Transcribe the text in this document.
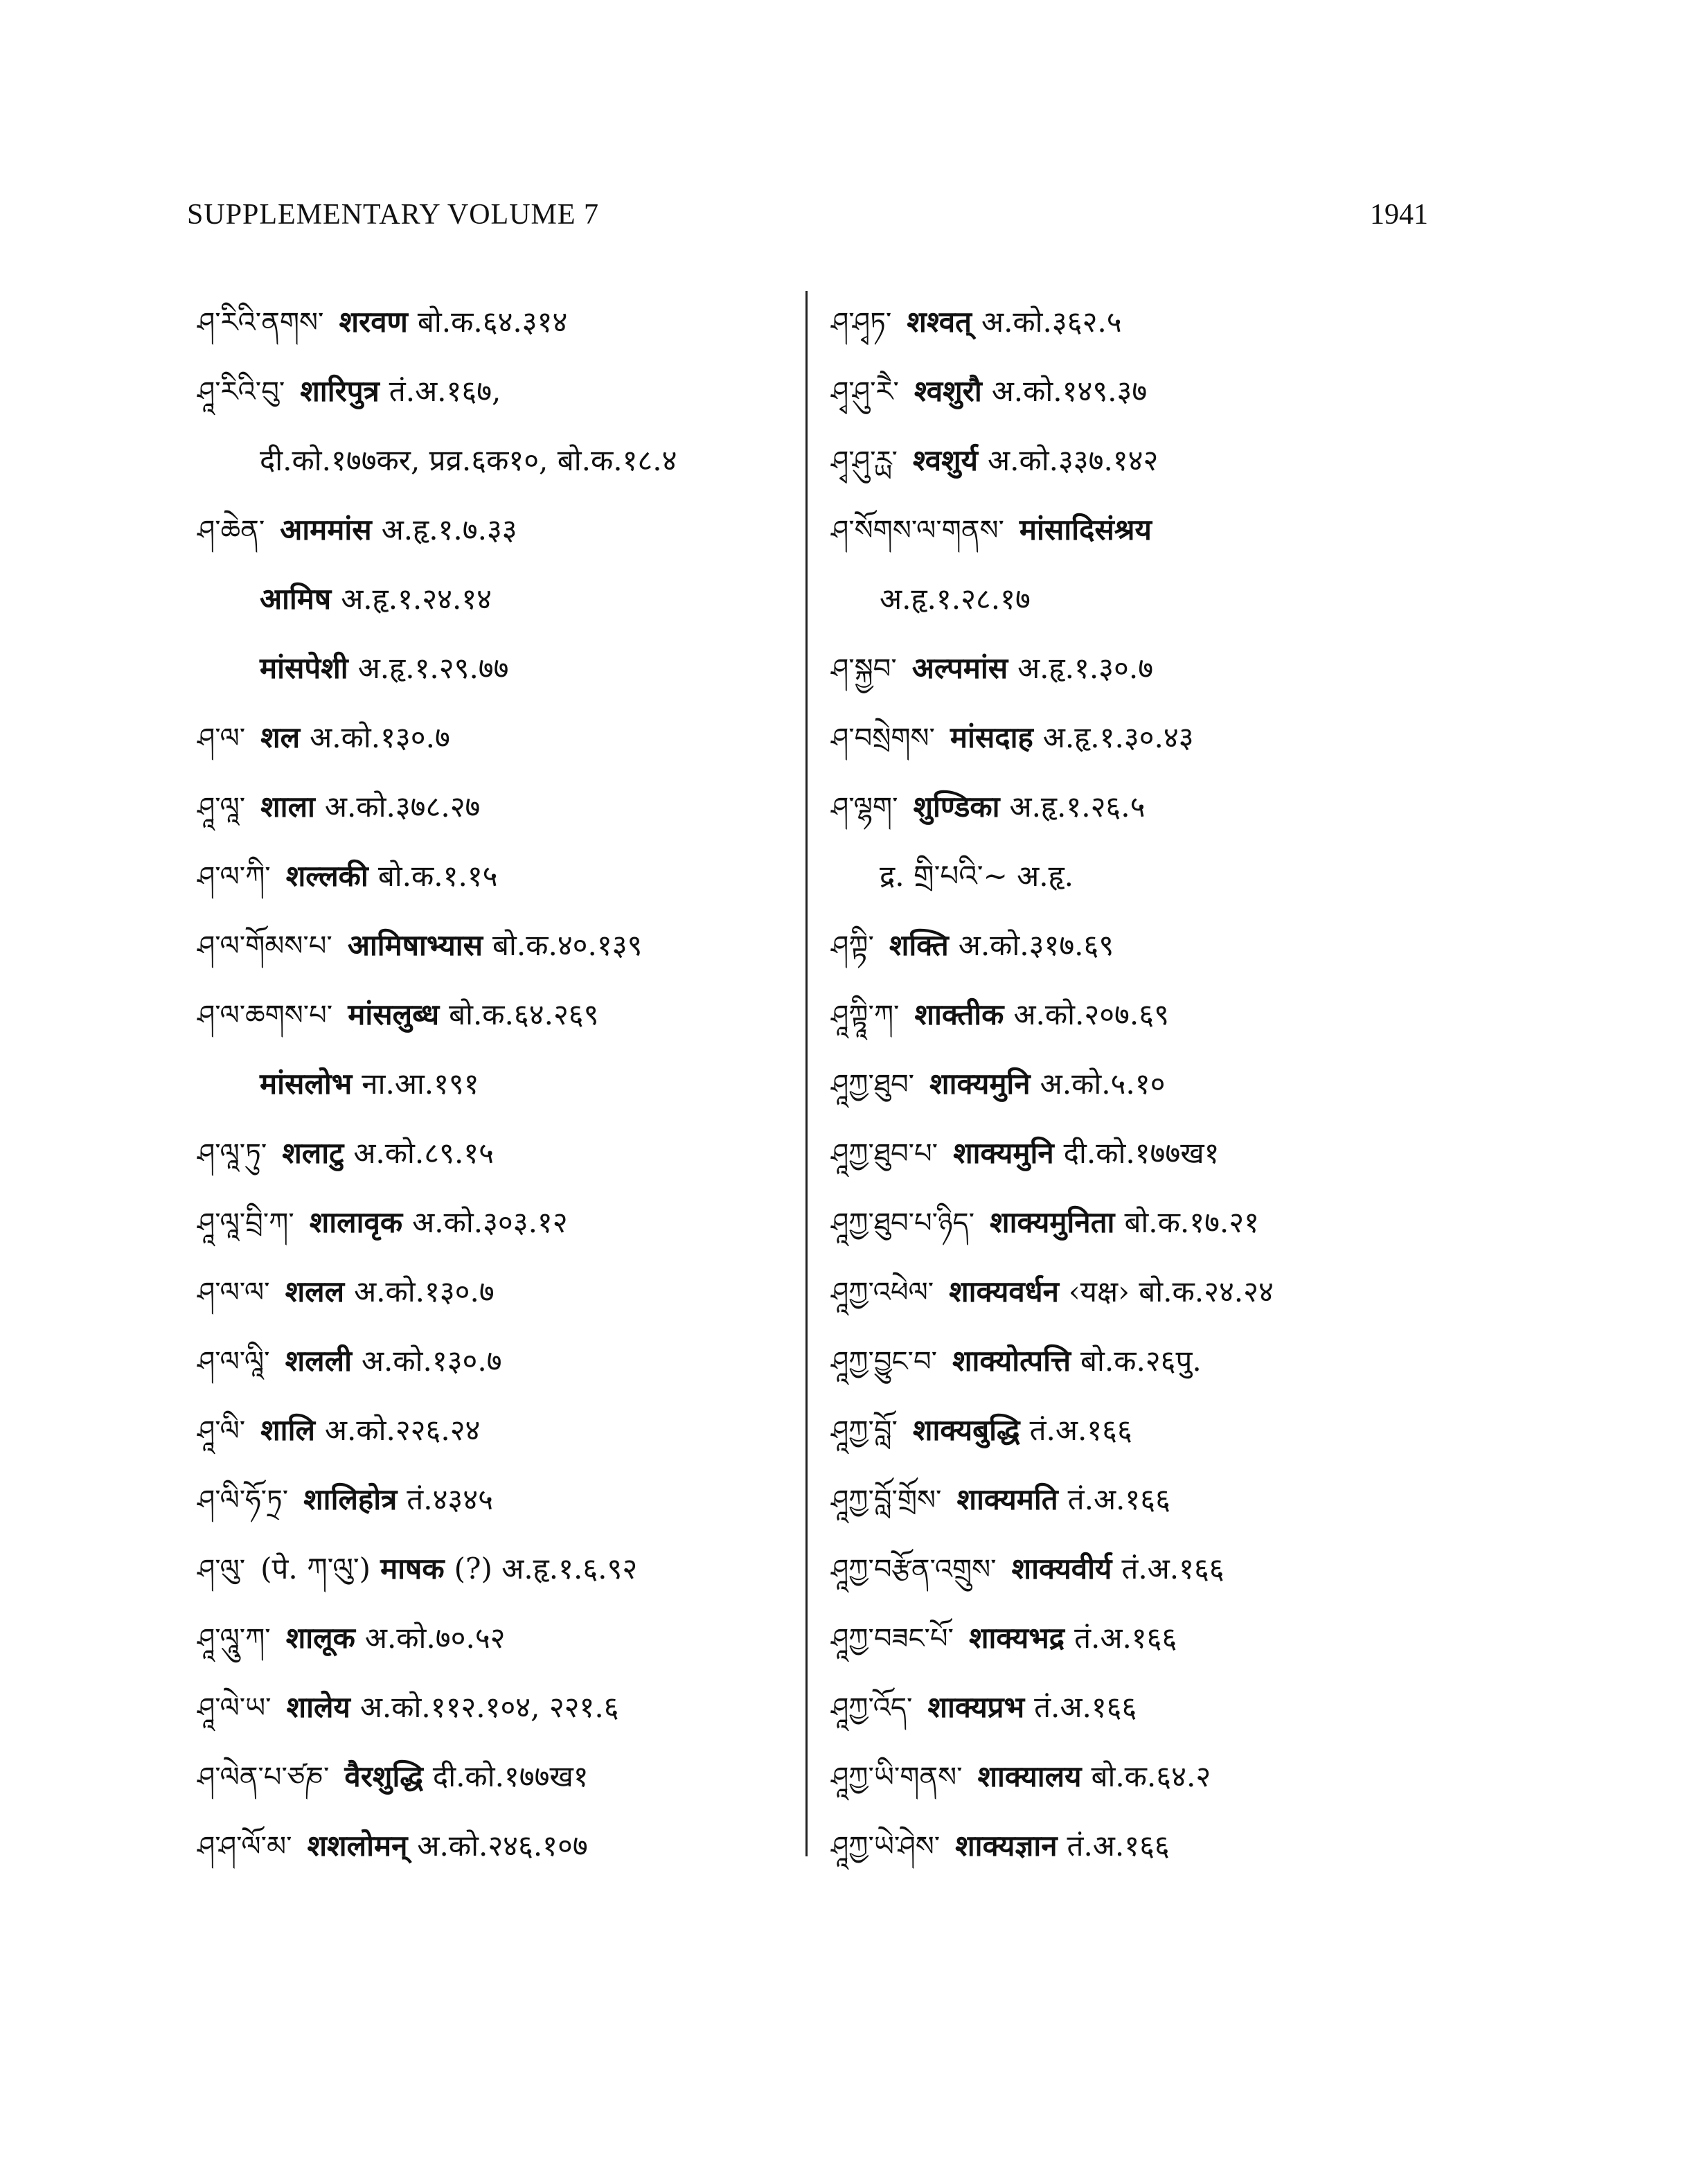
SUPPLEMENTARY VOLUME 7	1941
ཤ་རིའི་ནགས་ शरवण बो.क.६४.३१४
ཤཱ་རིའི་བུ་ शारिपुत्र तं.अ.१६७,
दी.को.१७७कर, प्रव्र.६क१०, बो.क.१८.४
ཤ་ཆེན་ आममांस अ.हृ.१.७.३३
आमिष अ.हृ.१.२४.१४
मांसपेशी अ.हृ.१.२९.७७
ཤ་ལ་ शल अ.को.१३०.७
ཤཱ་ལཱ་ शाला अ.को.३७८.२७
ཤ་ལ་ཀི་ शल्लकी बो.क.१.१५
ཤ་ལ་གོམས་པ་ आमिषाभ्यास बो.क.४०.१३९
ཤ་ལ་ཆགས་པ་ मांसलुब्ध बो.क.६४.२६९
मांसलोभ ना.आ.१९१
ཤ་ལཱ་ཏུ་ शलाटु अ.को.८९.१५
ཤཱ་ལཱ་བྲི་ཀ་ शालावृक अ.को.३०३.१२
ཤ་ལ་ལ་ शलल अ.को.१३०.७
ཤ་ལ་ལཱི་ शलली अ.को.१३०.७
ཤཱ་ལི་ शालि अ.को.२२६.२४
ཤ་ལི་ཧོ་ཏྲ་ शालिहोत्र तं.४३४५
ཤ་ལུ་ (पे. ཀ་ལུ་) माषक (?) अ.हृ.१.६.९२
ཤཱ་ལཱུ་ཀ་ शालूक अ.को.७०.५२
ཤཱ་ལེ་ཡ་ शालेय अ.को.११२.१०४, २२१.६
ཤ་ལེན་པ་ཙཎ་ वैरशुद्धि दी.को.१७७ख१
ཤ་ཤ་ལོ་མ་ शशलोमन् अ.को.२४६.१०७
ཤ་ཤྭཏ་ शश्वत् अ.को.३६२.५
ཤྭ་ཤུ་རཻ་ श्वशुरौ अ.को.१४९.३७
ཤྭ་ཤུ་ཪྻ་ श्वशुर्य अ.को.३३७.१४२
ཤ་སོགས་ལ་གནས་ मांसादिसंश्रय
अ.हृ.१.२८.१७
ཤ་སྐྱབ་ अल्पमांस अ.हृ.१.३०.७
ཤ་བསྲེགས་ मांसदाह अ.हृ.१.३०.४३
ཤ་ལྷག་ शुण्डिका अ.हृ.१.२६.५
द्र. གྲི་པའི་~ अ.हृ.
ཤཀྟི་ शक्ति अ.को.३१७.६९
ཤཱཀྟཱི་ཀ་ शाक्तीक अ.को.२०७.६९
ཤཱཀྱ་ཐུབ་ शाक्यमुनि अ.को.५.१०
ཤཱཀྱ་ཐུབ་པ་ शाक्यमुनि दी.को.१७७ख१
ཤཱཀྱ་ཐུབ་པ་ཉིད་ शाक्यमुनिता बो.क.१७.२१
ཤཱཀྱ་འཕེལ་ शाक्यवर्धन ‹यक्ष› बो.क.२४.२४
ཤཱཀྱ་བྱུང་བ་ शाक्योत्पत्ति बो.क.२६पु.
ཤཱཀྱ་བློ་ शाक्यबुद्धि तं.अ.१६६
ཤཱཀྱ་བློ་གྲོས་ शाक्यमति तं.अ.१६६
ཤཱཀྱ་བརྩོན་འགྲུས་ शाक्यवीर्य तं.अ.१६६
ཤཱཀྱ་བཟང་པོ་ शाक्यभद्र तं.अ.१६६
ཤཱཀྱ་འོད་ शाक्यप्रभ तं.अ.१६६
ཤཱཀྱ་ཡི་གནས་ शाक्यालय बो.क.६४.२
ཤཱཀྱ་ཡེ་ཤེས་ शाक्यज्ञान तं.अ.१६६
